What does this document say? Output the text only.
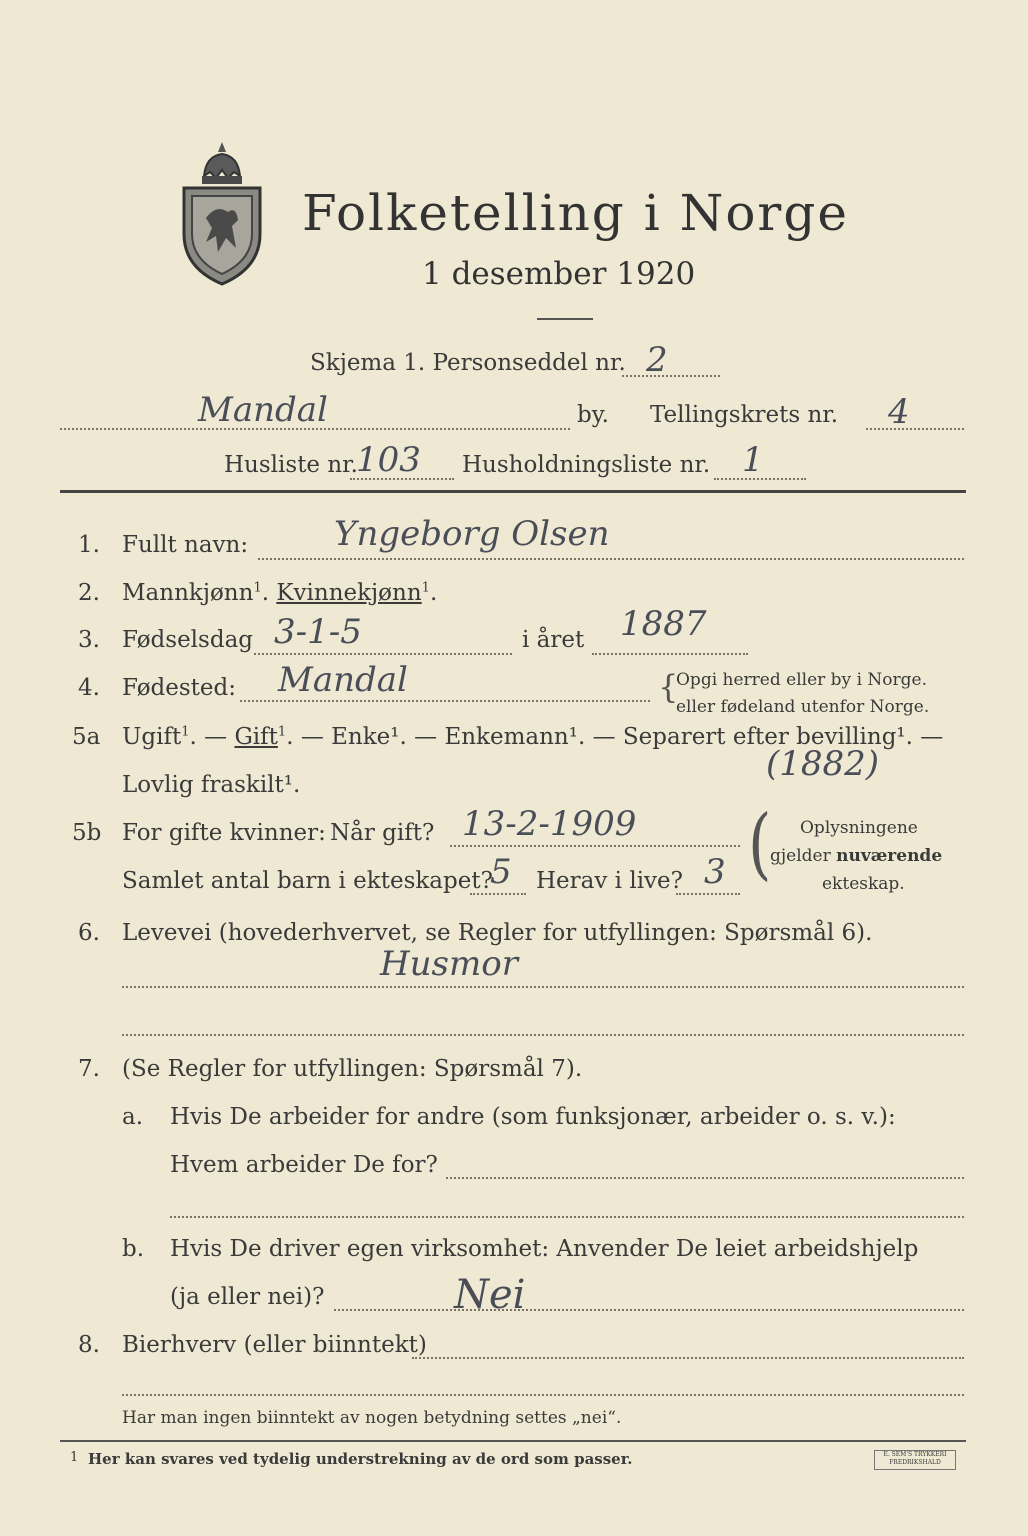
Folketelling i Norge
1 desember 1920
Skjema 1. Personseddel nr. 2
Mandal	by. Tellingskrets nr. 4
Husliste nr.
103 Husholdningsliste nr. 1
1. Fullt navn:	Yngeborg Olsen
2. Mannkjønn$^1$. Kvinnekjønn$^1$.
3. Fødselsdag 3-1-5	i året 1887
4. Fødested: Mandal	{
Opgi herred eller by i Norge.
eller fødeland utenfor Norge.
5a Ugift$^1$. — Gift$^1$. — Enke¹. — Enkemann¹. — Separert efter bevilling¹. —
Lovlig fraskilt¹.
(1882)
5b For gifte kvinner: Når gift? 13-2-1909
Samlet antal barn i ekteskapet?
5 Herav i live? 3 ( Oplysningene
gjelder nuværende
ekteskap.
6. Levevei (hovederhvervet, se Regler for utfyllingen: Spørsmål 6).
Husmor
7. (Se Regler for utfyllingen: Spørsmål 7).
a. Hvis De arbeider for andre (som funksjonær, arbeider o. s. v.):
Hvem arbeider De for?
b. Hvis De driver egen virksomhet: Anvender De leiet arbeidshjelp
(ja eller nei)?	Nei
8. Bierhverv (eller biinntekt)
Har man ingen biinntekt av nogen betydning settes „nei“.
1 Her kan svares ved tydelig understrekning av de ord som passer.	E. SEM'S TRYKKERI FREDRIKSHALD
